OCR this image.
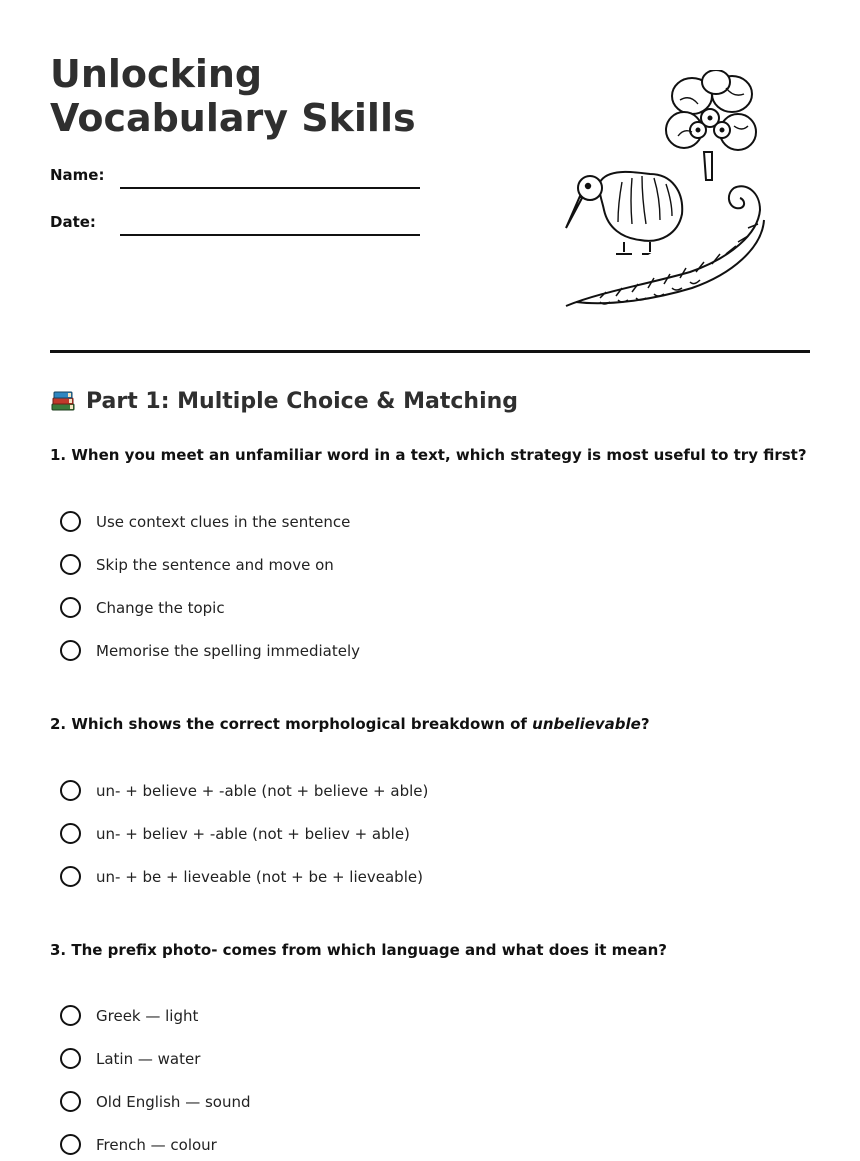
Unlocking Vocabulary Skills
Name:
Date:
Part 1: Multiple Choice & Matching
1. When you meet an unfamiliar word in a text, which strategy is most useful to try first?
Use context clues in the sentence
Skip the sentence and move on
Change the topic
Memorise the spelling immediately
2. Which shows the correct morphological breakdown of unbelievable?
un- + believe + -able (not + believe + able)
un- + believ + -able (not + believ + able)
un- + be + lieveable (not + be + lieveable)
3. The prefix photo- comes from which language and what does it mean?
Greek — light
Latin — water
Old English — sound
French — colour
